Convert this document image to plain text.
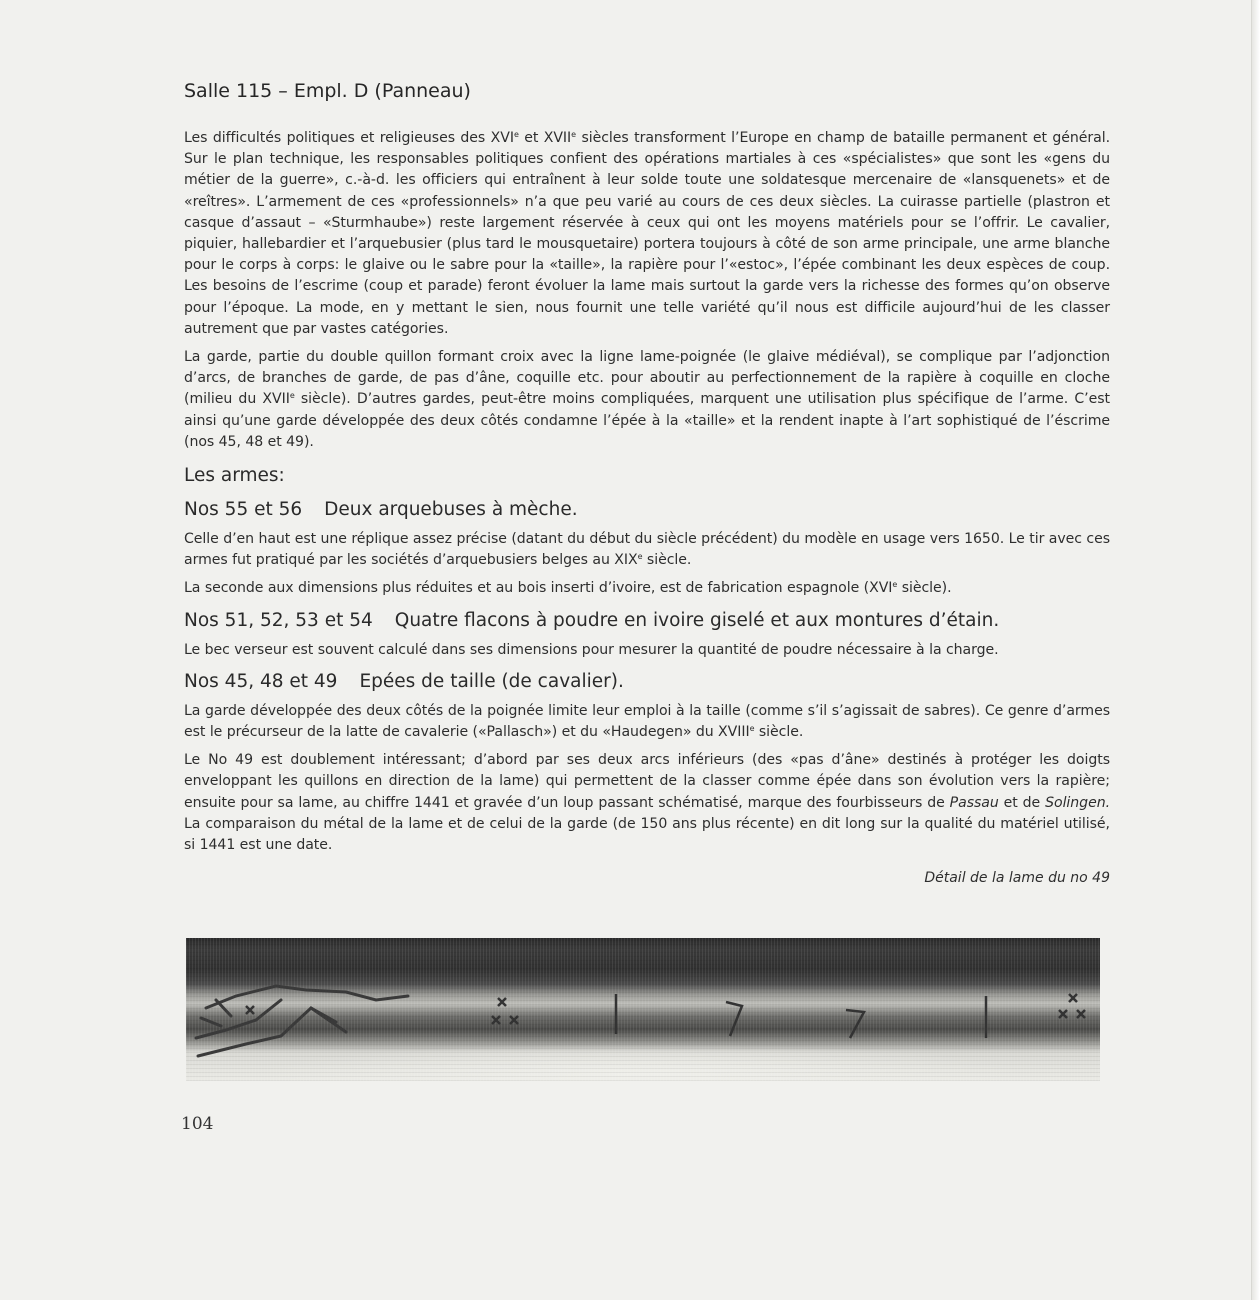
Salle 115 – Empl. D (Panneau)

Les difficultés politiques et religieuses des XVIe et XVIIe siècles transforment l’Europe en champ de bataille permanent et général. Sur le plan technique, les responsables politiques confient des opérations martiales à ces «spécialistes» que sont les «gens du métier de la guerre», c.-à-d. les officiers qui entraînent à leur solde toute une soldatesque mercenaire de «lansquenets» et de «reîtres». L’armement de ces «professionnels» n’a que peu varié au cours de ces deux siècles. La cuirasse partielle (plastron et casque d’assaut – «Sturmhaube») reste largement réservée à ceux qui ont les moyens matériels pour se l’offrir. Le cavalier, piquier, hallebardier et l’arquebusier (plus tard le mousquetaire) portera toujours à côté de son arme principale, une arme blanche pour le corps à corps: le glaive ou le sabre pour la «taille», la rapière pour l’«estoc», l’épée combinant les deux espèces de coup. Les besoins de l’escrime (coup et parade) feront évoluer la lame mais surtout la garde vers la richesse des formes qu’on observe pour l’époque. La mode, en y mettant le sien, nous fournit une telle variété qu’il nous est difficile aujourd’hui de les classer autrement que par vastes catégories.

La garde, partie du double quillon formant croix avec la ligne lame-poignée (le glaive médiéval), se complique par l’adjonction d’arcs, de branches de garde, de pas d’âne, coquille etc. pour aboutir au perfectionnement de la rapière à coquille en cloche (milieu du XVIIe siècle). D’autres gardes, peut-être moins compliquées, marquent une utilisation plus spécifique de l’arme. C’est ainsi qu’une garde développée des deux côtés condamne l’épée à la «taille» et la rendent inapte à l’art sophistiqué de l’éscrime (nos 45, 48 et 49).

Les armes:
Nos 55 et 56 Deux arquebuses à mèche.

Celle d’en haut est une réplique assez précise (datant du début du siècle précédent) du modèle en usage vers 1650. Le tir avec ces armes fut pratiqué par les sociétés d’arquebusiers belges au XIXe siècle.

La seconde aux dimensions plus réduites et au bois inserti d’ivoire, est de fabrication espagnole (XVIe siècle).

Nos 51, 52, 53 et 54 Quatre flacons à poudre en ivoire giselé et aux montures d’étain.

Le bec verseur est souvent calculé dans ses dimensions pour mesurer la quantité de poudre nécessaire à la charge.

Nos 45, 48 et 49 Epées de taille (de cavalier).

La garde développée des deux côtés de la poignée limite leur emploi à la taille (comme s’il s’agissait de sabres). Ce genre d’armes est le précurseur de la latte de cavalerie («Pallasch») et du «Haudegen» du XVIIIe siècle.

Le No 49 est doublement intéressant; d’abord par ses deux arcs inférieurs (des «pas d’âne» destinés à protéger les doigts enveloppant les quillons en direction de la lame) qui permettent de la classer comme épée dans son évolution vers la rapière; ensuite pour sa lame, au chiffre 1441 et gravée d’un loup passant schématisé, marque des fourbisseurs de Passau et de Solingen. La comparaison du métal de la lame et de celui de la garde (de 150 ans plus récente) en dit long sur la qualité du matériel utilisé, si 1441 est une date.

Détail de la lame du no 49
104
